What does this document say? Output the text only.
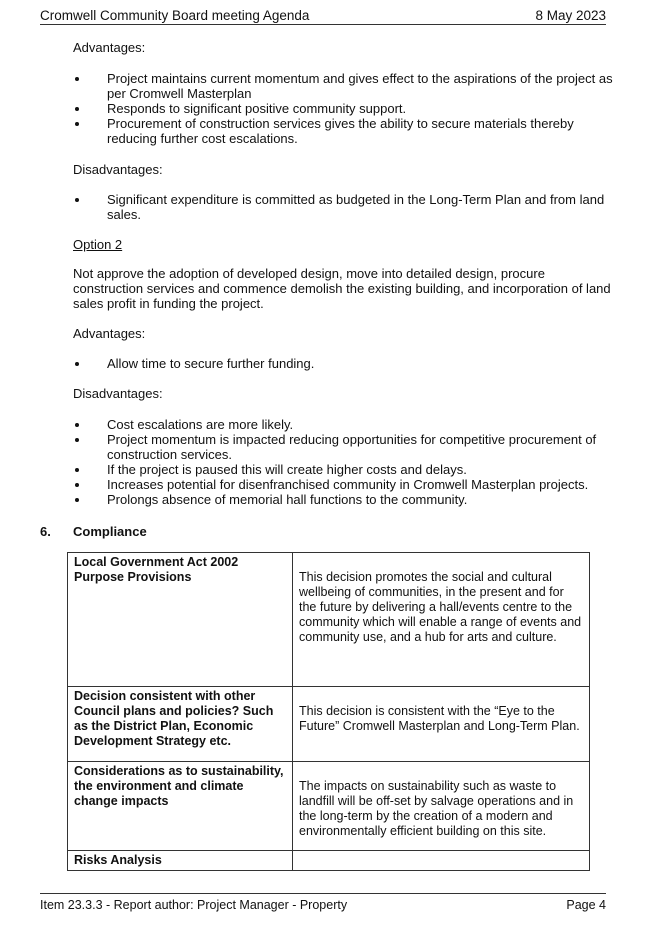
Cromwell Community Board meeting Agenda	8 May 2023

Advantages:

Project maintains current momentum and gives effect to the aspirations of the project as per Cromwell Masterplan
Responds to significant positive community support.
Procurement of construction services gives the ability to secure materials thereby reducing further cost escalations.

Disadvantages:

Significant expenditure is committed as budgeted in the Long-Term Plan and from land sales.

Option 2

Not approve the adoption of developed design, move into detailed design, procure construction services and commence demolish the existing building, and incorporation of land sales profit in funding the project.

Advantages:

Allow time to secure further funding.

Disadvantages:

Cost escalations are more likely.
Project momentum is impacted reducing opportunities for competitive procurement of construction services.
If the project is paused this will create higher costs and delays.
Increases potential for disenfranchised community in Cromwell Masterplan projects.
Prolongs absence of memorial hall functions to the community.
6. Compliance
Local Government Act 2002 Purpose Provisions	This decision promotes the social and cultural wellbeing of communities, in the present and for the future by delivering a hall/events centre to the community which will enable a range of events and community use, and a hub for arts and culture.
Decision consistent with other Council plans and policies? Such as the District Plan, Economic Development Strategy etc.	This decision is consistent with the “Eye to the Future” Cromwell Masterplan and Long-Term Plan.
Considerations as to sustainability, the environment and climate change impacts	The impacts on sustainability such as waste to landfill will be off-set by salvage operations and in the long-term by the creation of a modern and environmentally efficient building on this site.
Risks Analysis	
Item 23.3.3 - Report author: Project Manager - Property	Page 4
